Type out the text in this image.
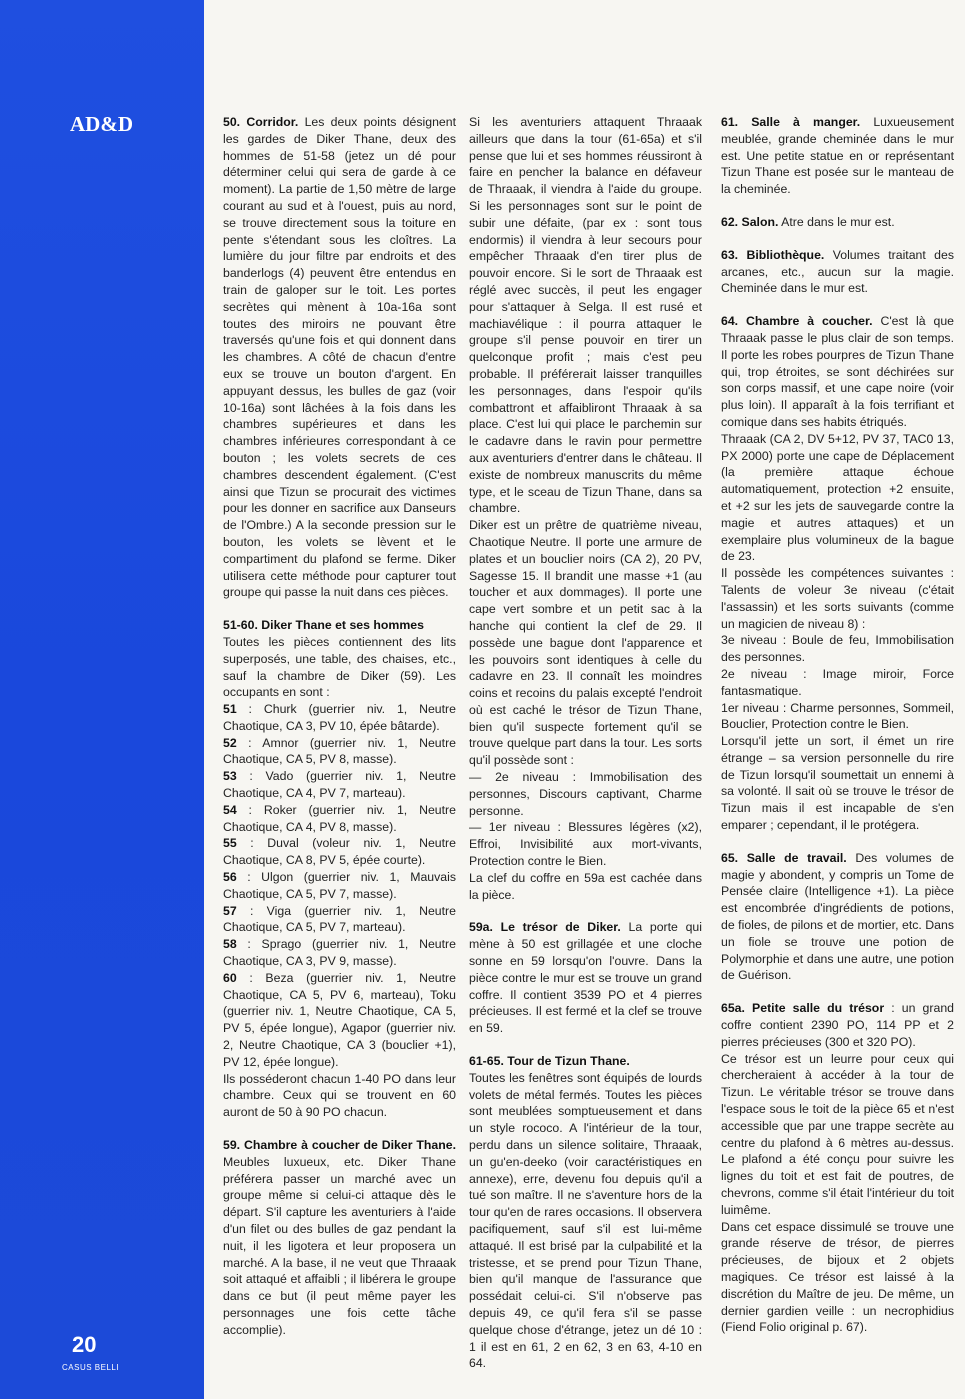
AD&D
20
CASUS BELLI

50. Corridor. Les deux points désignent les gardes de Diker Thane, deux des hommes de 51-58 (jetez un dé pour déterminer celui qui sera de garde à ce moment). La partie de 1,50 mètre de large courant au sud et à l'ouest, puis au nord, se trouve directement sous la toiture en pente s'étendant sous les cloîtres. La lumière du jour filtre par endroits et des banderlogs (4) peuvent être entendus en train de galoper sur le toit. Les portes secrètes qui mènent à 10a-16a sont toutes des miroirs ne pouvant être traversés qu'une fois et qui donnent dans les chambres. A côté de chacun d'entre eux se trouve un bouton d'argent. En appuyant dessus, les bulles de gaz (voir 10-16a) sont lâchées à la fois dans les chambres supérieures et dans les chambres inférieures correspondant à ce bouton ; les volets secrets de ces chambres descendent également. (C'est ainsi que Tizun se procurait des victimes pour les donner en sacrifice aux Danseurs de l'Ombre.) A la seconde pression sur le bouton, les volets se lèvent et le compartiment du plafond se ferme. Diker utilisera cette méthode pour capturer tout groupe qui passe la nuit dans ces pièces.

51-60. Diker Thane et ses hommes

Toutes les pièces contiennent des lits superposés, une table, des chaises, etc., sauf la chambre de Diker (59). Les occupants en sont :

51 : Churk (guerrier niv. 1, Neutre Chaotique, CA 3, PV 10, épée bâtarde).

52 : Amnor (guerrier niv. 1, Neutre Chaotique, CA 5, PV 8, masse).

53 : Vado (guerrier niv. 1, Neutre Chaotique, CA 4, PV 7, marteau).

54 : Roker (guerrier niv. 1, Neutre Chaotique, CA 4, PV 8, masse).

55 : Duval (voleur niv. 1, Neutre Chaotique, CA 8, PV 5, épée courte).

56 : Ulgon (guerrier niv. 1, Mauvais Chaotique, CA 5, PV 7, masse).

57 : Viga (guerrier niv. 1, Neutre Chaotique, CA 5, PV 7, marteau).

58 : Sprago (guerrier niv. 1, Neutre Chaotique, CA 3, PV 9, masse).

60 : Beza (guerrier niv. 1, Neutre Chaotique, CA 5, PV 6, marteau), Toku (guerrier niv. 1, Neutre Chaotique, CA 5, PV 5, épée longue), Agapor (guerrier niv. 2, Neutre Chaotique, CA 3 (bouclier +1), PV 12, épée longue).

Ils posséderont chacun 1-40 PO dans leur chambre. Ceux qui se trouvent en 60 auront de 50 à 90 PO chacun.

59. Chambre à coucher de Diker Thane. Meubles luxueux, etc. Diker Thane préférera passer un marché avec un groupe même si celui-ci attaque dès le départ. S'il capture les aventuriers à l'aide d'un filet ou des bulles de gaz pendant la nuit, il les ligotera et leur proposera un marché. A la base, il ne veut que Thraaak soit attaqué et affaibli ; il libérera le groupe dans ce but (il peut même payer les personnages une fois cette tâche accomplie).

Si les aventuriers attaquent Thraaak ailleurs que dans la tour (61-65a) et s'il pense que lui et ses hommes réussiront à faire en pencher la balance en défaveur de Thraaak, il viendra à l'aide du groupe. Si les personnages sont sur le point de subir une défaite, (par ex : sont tous endormis) il viendra à leur secours pour empêcher Thraaak d'en tirer plus de pouvoir encore. Si le sort de Thraaak est réglé avec succès, il peut les engager pour s'attaquer à Selga. Il est rusé et machiavélique : il pourra attaquer le groupe s'il pense pouvoir en tirer un quelconque profit ; mais c'est peu probable. Il préférerait laisser tranquilles les personnages, dans l'espoir qu'ils combattront et affaibliront Thraaak à sa place. C'est lui qui place le parchemin sur le cadavre dans le ravin pour permettre aux aventuriers d'entrer dans le château. Il existe de nombreux manuscrits du même type, et le sceau de Tizun Thane, dans sa chambre.

Diker est un prêtre de quatrième niveau, Chaotique Neutre. Il porte une armure de plates et un bouclier noirs (CA 2), 20 PV, Sagesse 15. Il brandit une masse +1 (au toucher et aux dommages). Il porte une cape vert sombre et un petit sac à la hanche qui contient la clef de 29. Il possède une bague dont l'apparence et les pouvoirs sont identiques à celle du cadavre en 23. Il connaît les moindres coins et recoins du palais excepté l'endroit où est caché le trésor de Tizun Thane, bien qu'il suspecte fortement qu'il se trouve quelque part dans la tour. Les sorts qu'il possède sont :

— 2e niveau : Immobilisation des personnes, Discours captivant, Charme personne.

— 1er niveau : Blessures légères (x2), Effroi, Invisibilité aux mort-vivants, Protection contre le Bien.

La clef du coffre en 59a est cachée dans la pièce.

59a. Le trésor de Diker. La porte qui mène à 50 est grillagée et une cloche sonne en 59 lorsqu'on l'ouvre. Dans la pièce contre le mur est se trouve un grand coffre. Il contient 3539 PO et 4 pierres précieuses. Il est fermé et la clef se trouve en 59.

61-65. Tour de Tizun Thane.

Toutes les fenêtres sont équipés de lourds volets de métal fermés. Toutes les pièces sont meublées somptueusement et dans un style rococo. A l'intérieur de la tour, perdu dans un silence solitaire, Thraaak, un gu'en-deeko (voir caractéristiques en annexe), erre, devenu fou depuis qu'il a tué son maître. Il ne s'aventure hors de la tour qu'en de rares occasions. Il observera pacifiquement, sauf s'il est lui-même attaqué. Il est brisé par la culpabilité et la tristesse, et se prend pour Tizun Thane, bien qu'il manque de l'assurance que possédait celui-ci. S'il n'observe pas depuis 49, ce qu'il fera s'il se passe quelque chose d'étrange, jetez un dé 10 : 1 il est en 61, 2 en 62, 3 en 63, 4-10 en 64.

61. Salle à manger. Luxueusement meublée, grande cheminée dans le mur est. Une petite statue en or représentant Tizun Thane est posée sur le manteau de la cheminée.

62. Salon. Atre dans le mur est.

63. Bibliothèque. Volumes traitant des arcanes, etc., aucun sur la magie. Cheminée dans le mur est.

64. Chambre à coucher. C'est là que Thraaak passe le plus clair de son temps. Il porte les robes pourpres de Tizun Thane qui, trop étroites, se sont déchirées sur son corps massif, et une cape noire (voir plus loin). Il apparaît à la fois terrifiant et comique dans ses habits étriqués.

Thraaak (CA 2, DV 5+12, PV 37, TAC0 13, PX 2000) porte une cape de Déplacement (la première attaque échoue automatiquement, protection +2 ensuite, et +2 sur les jets de sauvegarde contre la magie et autres attaques) et un exemplaire plus volumineux de la bague de 23.

Il possède les compétences suivantes : Talents de voleur 3e niveau (c'était l'assassin) et les sorts suivants (comme un magicien de niveau 8) :

3e niveau : Boule de feu, Immobilisation des personnes.

2e niveau : Image miroir, Force fantasmatique.

1er niveau : Charme personnes, Sommeil, Bouclier, Protection contre le Bien.

Lorsqu'il jette un sort, il émet un rire étrange – sa version personnelle du rire de Tizun lorsqu'il soumettait un ennemi à sa volonté. Il sait où se trouve le trésor de Tizun mais il est incapable de s'en emparer ; cependant, il le protégera.

65. Salle de travail. Des volumes de magie y abondent, y compris un Tome de Pensée claire (Intelligence +1). La pièce est encombrée d'ingrédients de potions, de fioles, de pilons et de mortier, etc. Dans un fiole se trouve une potion de Polymorphie et dans une autre, une potion de Guérison.

65a. Petite salle du trésor : un grand coffre contient 2390 PO, 114 PP et 2 pierres précieuses (300 et 320 PO).

Ce trésor est un leurre pour ceux qui chercheraient à accéder à la tour de Tizun. Le véritable trésor se trouve dans l'espace sous le toit de la pièce 65 et n'est accessible que par une trappe secrète au centre du plafond à 6 mètres au-dessus. Le plafond a été conçu pour suivre les lignes du toit et est fait de poutres, de chevrons, comme s'il était l'intérieur du toit luimême.

Dans cet espace dissimulé se trouve une grande réserve de trésor, de pierres précieuses, de bijoux et 2 objets magiques. Ce trésor est laissé à la discrétion du Maître de jeu. De même, un dernier gardien veille : un necrophidius (Fiend Folio original p. 67).
